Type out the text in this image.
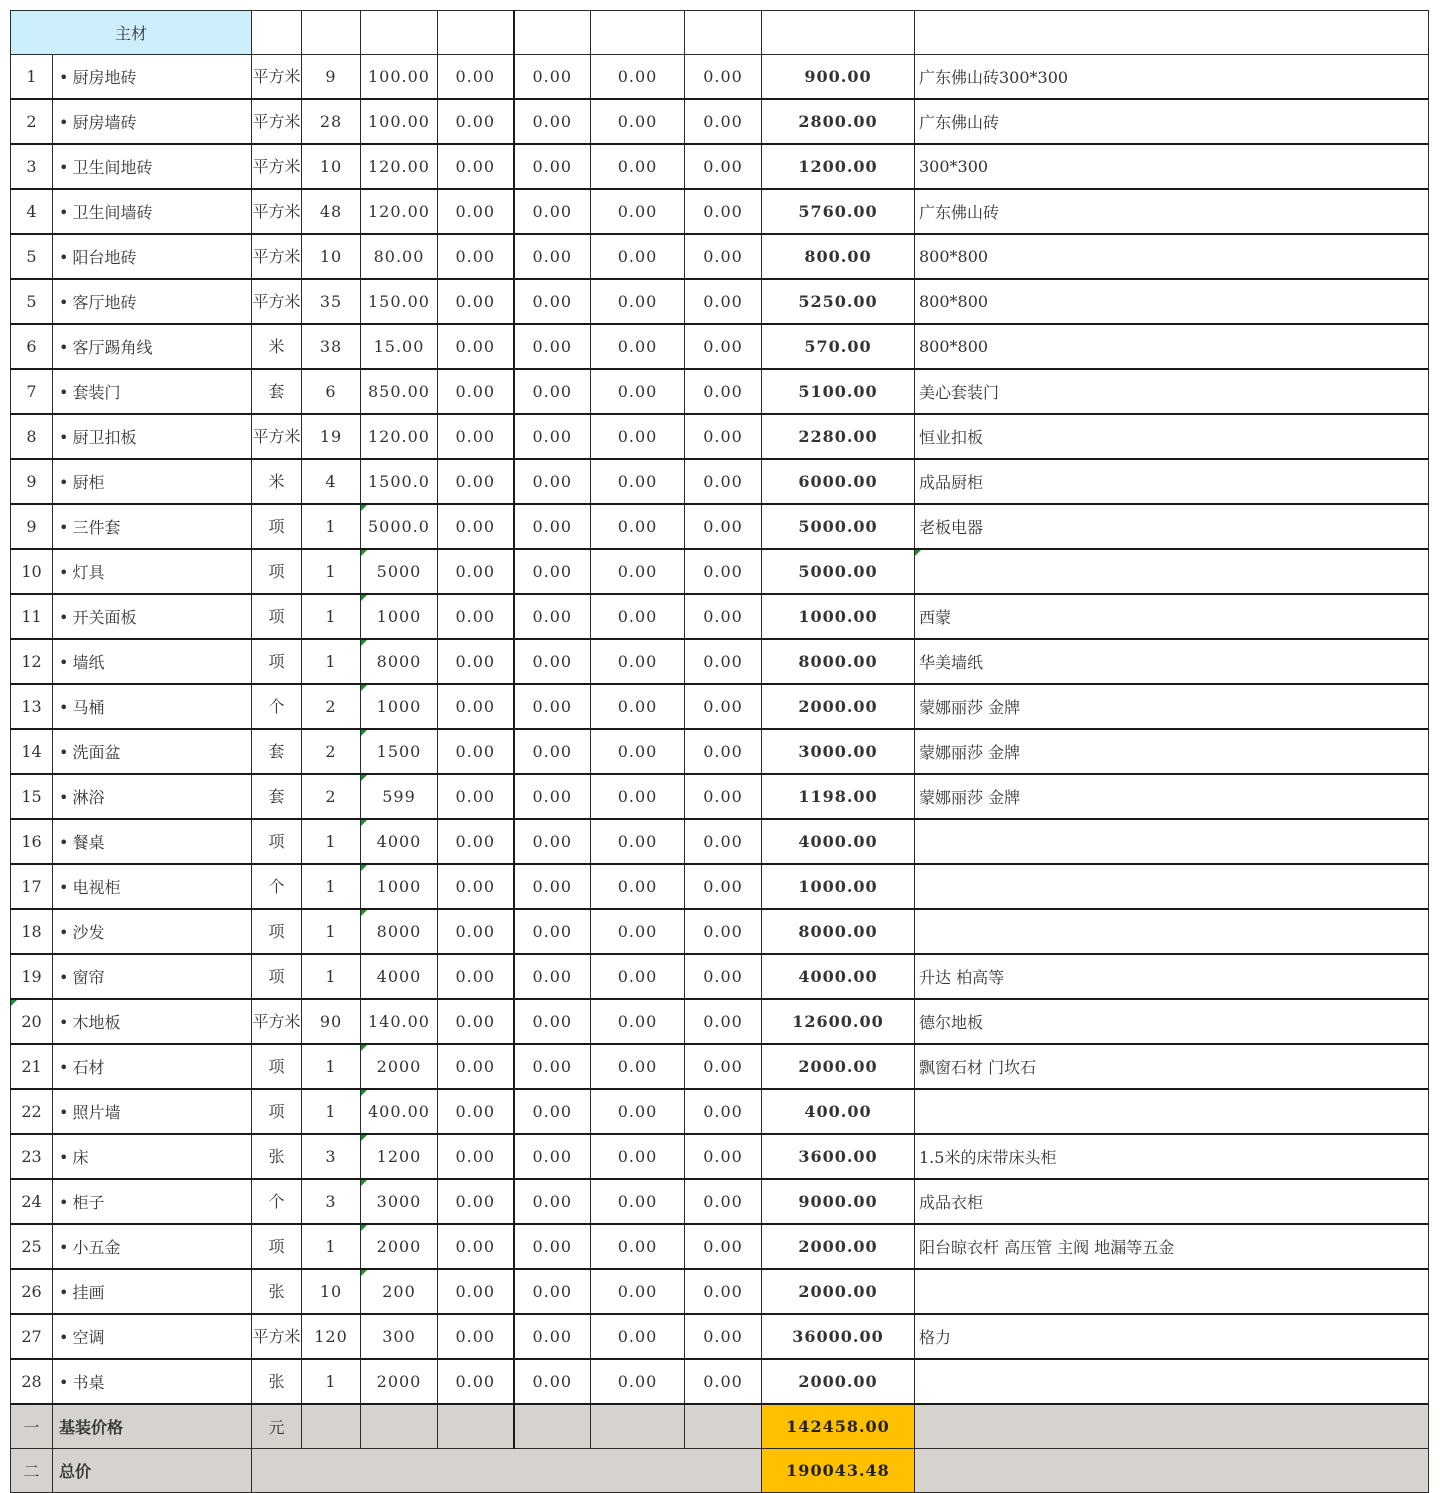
主材										
1	• 厨房地砖	平方米	9	100.00	0.00	0.00	0.00	0.00	900.00	广东佛山砖300*300
2	• 厨房墙砖	平方米	28	100.00	0.00	0.00	0.00	0.00	2800.00	广东佛山砖
3	• 卫生间地砖	平方米	10	120.00	0.00	0.00	0.00	0.00	1200.00	300*300
4	• 卫生间墙砖	平方米	48	120.00	0.00	0.00	0.00	0.00	5760.00	广东佛山砖
5	• 阳台地砖	平方米	10	80.00	0.00	0.00	0.00	0.00	800.00	800*800
5	• 客厅地砖	平方米	35	150.00	0.00	0.00	0.00	0.00	5250.00	800*800
6	• 客厅踢角线	米	38	15.00	0.00	0.00	0.00	0.00	570.00	800*800
7	• 套装门	套	6	850.00	0.00	0.00	0.00	0.00	5100.00	美心套装门
8	• 厨卫扣板	平方米	19	120.00	0.00	0.00	0.00	0.00	2280.00	恒业扣板
9	• 厨柜	米	4	1500.0	0.00	0.00	0.00	0.00	6000.00	成品厨柜
9	• 三件套	项	1	5000.0	0.00	0.00	0.00	0.00	5000.00	老板电器
10	• 灯具	项	1	5000	0.00	0.00	0.00	0.00	5000.00	
11	• 开关面板	项	1	1000	0.00	0.00	0.00	0.00	1000.00	西蒙
12	• 墙纸	项	1	8000	0.00	0.00	0.00	0.00	8000.00	华美墙纸
13	• 马桶	个	2	1000	0.00	0.00	0.00	0.00	2000.00	蒙娜丽莎 金牌
14	• 洗面盆	套	2	1500	0.00	0.00	0.00	0.00	3000.00	蒙娜丽莎 金牌
15	• 淋浴	套	2	599	0.00	0.00	0.00	0.00	1198.00	蒙娜丽莎 金牌
16	• 餐桌	项	1	4000	0.00	0.00	0.00	0.00	4000.00	
17	• 电视柜	个	1	1000	0.00	0.00	0.00	0.00	1000.00	
18	• 沙发	项	1	8000	0.00	0.00	0.00	0.00	8000.00	
19	• 窗帘	项	1	4000	0.00	0.00	0.00	0.00	4000.00	升达 柏高等
20	• 木地板	平方米	90	140.00	0.00	0.00	0.00	0.00	12600.00	德尔地板
21	• 石材	项	1	2000	0.00	0.00	0.00	0.00	2000.00	飘窗石材 门坎石
22	• 照片墙	项	1	400.00	0.00	0.00	0.00	0.00	400.00	
23	• 床	张	3	1200	0.00	0.00	0.00	0.00	3600.00	1.5米的床带床头柜
24	• 柜子	个	3	3000	0.00	0.00	0.00	0.00	9000.00	成品衣柜
25	• 小五金	项	1	2000	0.00	0.00	0.00	0.00	2000.00	阳台晾衣杆 高压管 主阀 地漏等五金
26	• 挂画	张	10	200	0.00	0.00	0.00	0.00	2000.00	
27	• 空调	平方米	120	300	0.00	0.00	0.00	0.00	36000.00	格力
28	• 书桌	张	1	2000	0.00	0.00	0.00	0.00	2000.00	
一	基装价格	元							142458.00	
二	总价								190043.48	
